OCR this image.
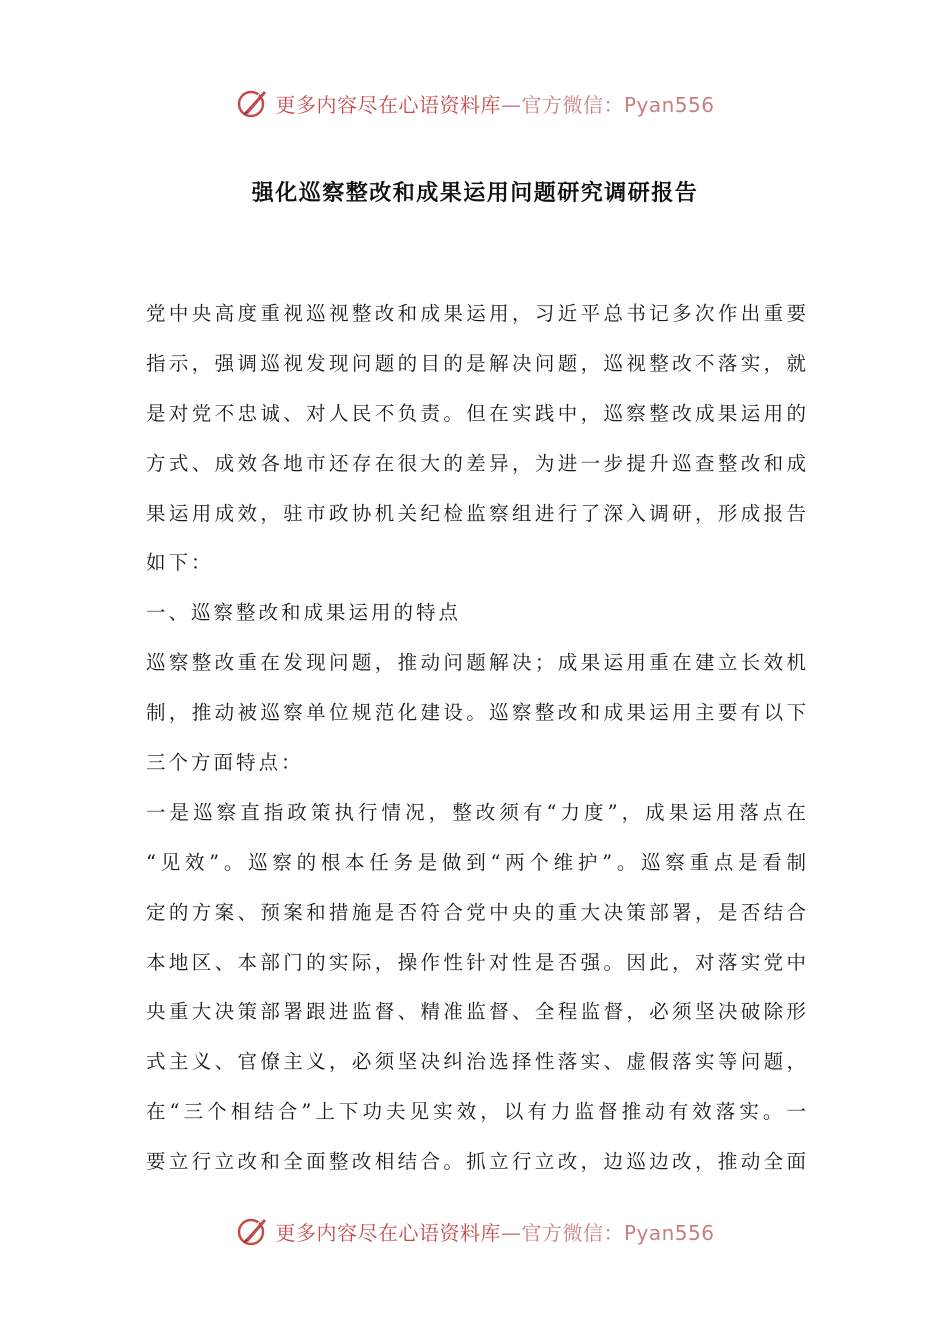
更多内容尽在心语资料库—官方微信：Pyan556
强化巡察整改和成果运用问题研究调研报告
党中央高度重视巡视整改和成果运用，习近平总书记多次作出重要
指示，强调巡视发现问题的目的是解决问题，巡视整改不落实，就
是对党不忠诚、对人民不负责。但在实践中，巡察整改成果运用的
方式、成效各地市还存在很大的差异，为进一步提升巡查整改和成
果运用成效，驻市政协机关纪检监察组进行了深入调研，形成报告
如下：
一、巡察整改和成果运用的特点
巡察整改重在发现问题，推动问题解决；成果运用重在建立长效机
制，推动被巡察单位规范化建设。巡察整改和成果运用主要有以下
三个方面特点：
一是巡察直指政策执行情况，整改须有“力度”，成果运用落点在
“见效”。巡察的根本任务是做到“两个维护”。巡察重点是看制
定的方案、预案和措施是否符合党中央的重大决策部署，是否结合
本地区、本部门的实际，操作性针对性是否强。因此，对落实党中
央重大决策部署跟进监督、精准监督、全程监督，必须坚决破除形
式主义、官僚主义，必须坚决纠治选择性落实、虚假落实等问题，
在“三个相结合”上下功夫见实效，以有力监督推动有效落实。一
要立行立改和全面整改相结合。抓立行立改，边巡边改，推动全面
更多内容尽在心语资料库—官方微信：Pyan556
